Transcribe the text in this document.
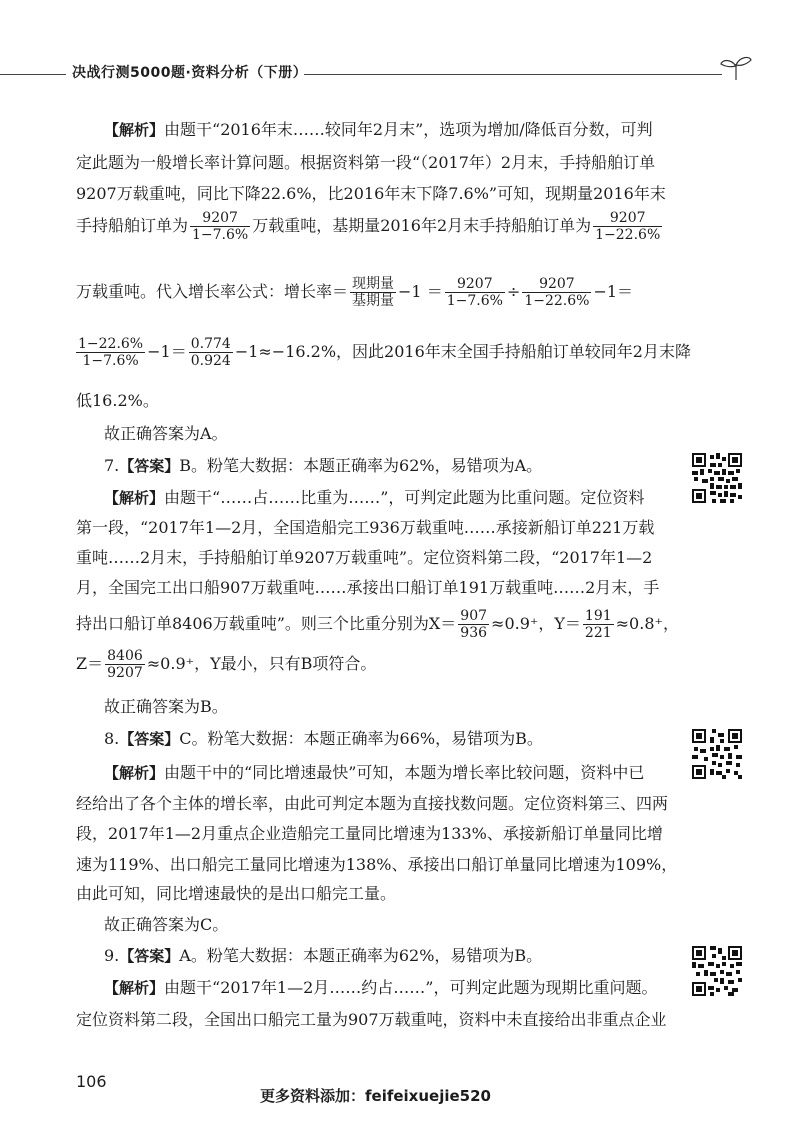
决战行测5000题·资料分析（下册）
【解析】由题干“2016年末……较同年2月末”，选项为增加/降低百分数，可判
定此题为一般增长率计算问题。根据资料第一段“（2017年）2月末，手持船舶订单
9207万载重吨，同比下降22.6%，比2016年末下降7.6%”可知，现期量2016年末
手持船舶订单为 $\frac{9207}{1-7.6\%}$ 万载重吨，基期量2016年2月末手持船舶订单为 $\frac{9207}{1-22.6\%}$
万载重吨。代入增长率公式：增长率＝ $\frac{\text{现期量}}{\text{基期量}} -1 = \frac{9207}{1-7.6\%} \div \frac{9207}{1-22.6\%} -1=$
$\frac{1-22.6\%}{1-7.6\%} -1= \frac{0.774}{0.924} -1\approx-16.2\%$，因此2016年末全国手持船舶订单较同年2月末降
低16.2%。
故正确答案为A。
7.【答案】B。粉笔大数据：本题正确率为62%，易错项为A。
【解析】由题干“……占……比重为……”，可判定此题为比重问题。定位资料
第一段，“2017年1—2月，全国造船完工936万载重吨……承接新船订单221万载
重吨……2月末，手持船舶订单9207万载重吨”。定位资料第二段，“2017年1—2
月，全国完工出口船907万载重吨……承接出口船订单191万载重吨……2月末，手
持出口船订单8406万载重吨”。则三个比重分别为$X= \frac{907}{936} \approx 0.9^+$，$Y= \frac{191}{221} \approx 0.8^+$，
$Z= \frac{8406}{9207} \approx 0.9^+$，Y最小，只有B项符合。
故正确答案为B。
8.【答案】C。粉笔大数据：本题正确率为66%，易错项为B。
【解析】由题干中的“同比增速最快”可知，本题为增长率比较问题，资料中已
经给出了各个主体的增长率，由此可判定本题为直接找数问题。定位资料第三、四两
段，2017年1—2月重点企业造船完工量同比增速为133%、承接新船订单量同比增
速为119%、出口船完工量同比增速为138%、承接出口船订单量同比增速为109%，
由此可知，同比增速最快的是出口船完工量。
故正确答案为C。
9.【答案】A。粉笔大数据：本题正确率为62%，易错项为B。
【解析】由题干“2017年1—2月……约占……”，可判定此题为现期比重问题。
定位资料第二段，全国出口船完工量为907万载重吨，资料中未直接给出非重点企业
106
更多资料添加：feifeixuejie520
